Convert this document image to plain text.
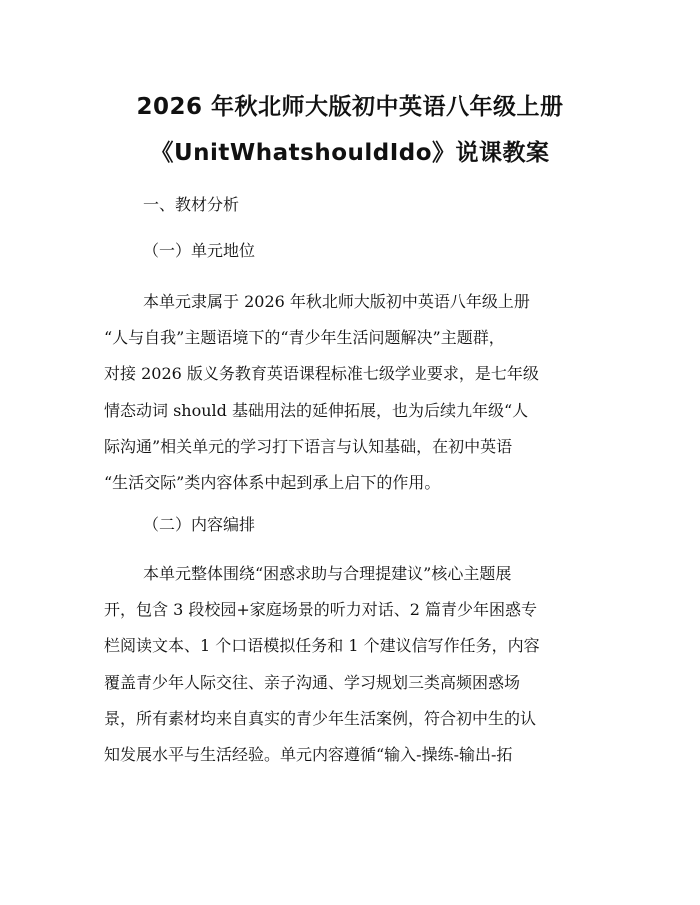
2026 年秋北师大版初中英语八年级上册
《UnitWhatshouldIdo》说课教案
一、教材分析
（一）单元地位
本单元隶属于 2026 年秋北师大版初中英语八年级上册
“人与自我”主题语境下的“青少年生活问题解决”主题群，
对接 2026 版义务教育英语课程标准七级学业要求，是七年级
情态动词 should 基础用法的延伸拓展，也为后续九年级“人
际沟通”相关单元的学习打下语言与认知基础，在初中英语
“生活交际”类内容体系中起到承上启下的作用。
（二）内容编排
本单元整体围绕“困惑求助与合理提建议”核心主题展
开，包含 3 段校园+家庭场景的听力对话、2 篇青少年困惑专
栏阅读文本、1 个口语模拟任务和 1 个建议信写作任务，内容
覆盖青少年人际交往、亲子沟通、学习规划三类高频困惑场
景，所有素材均来自真实的青少年生活案例，符合初中生的认
知发展水平与生活经验。单元内容遵循“输入-操练-输出-拓
